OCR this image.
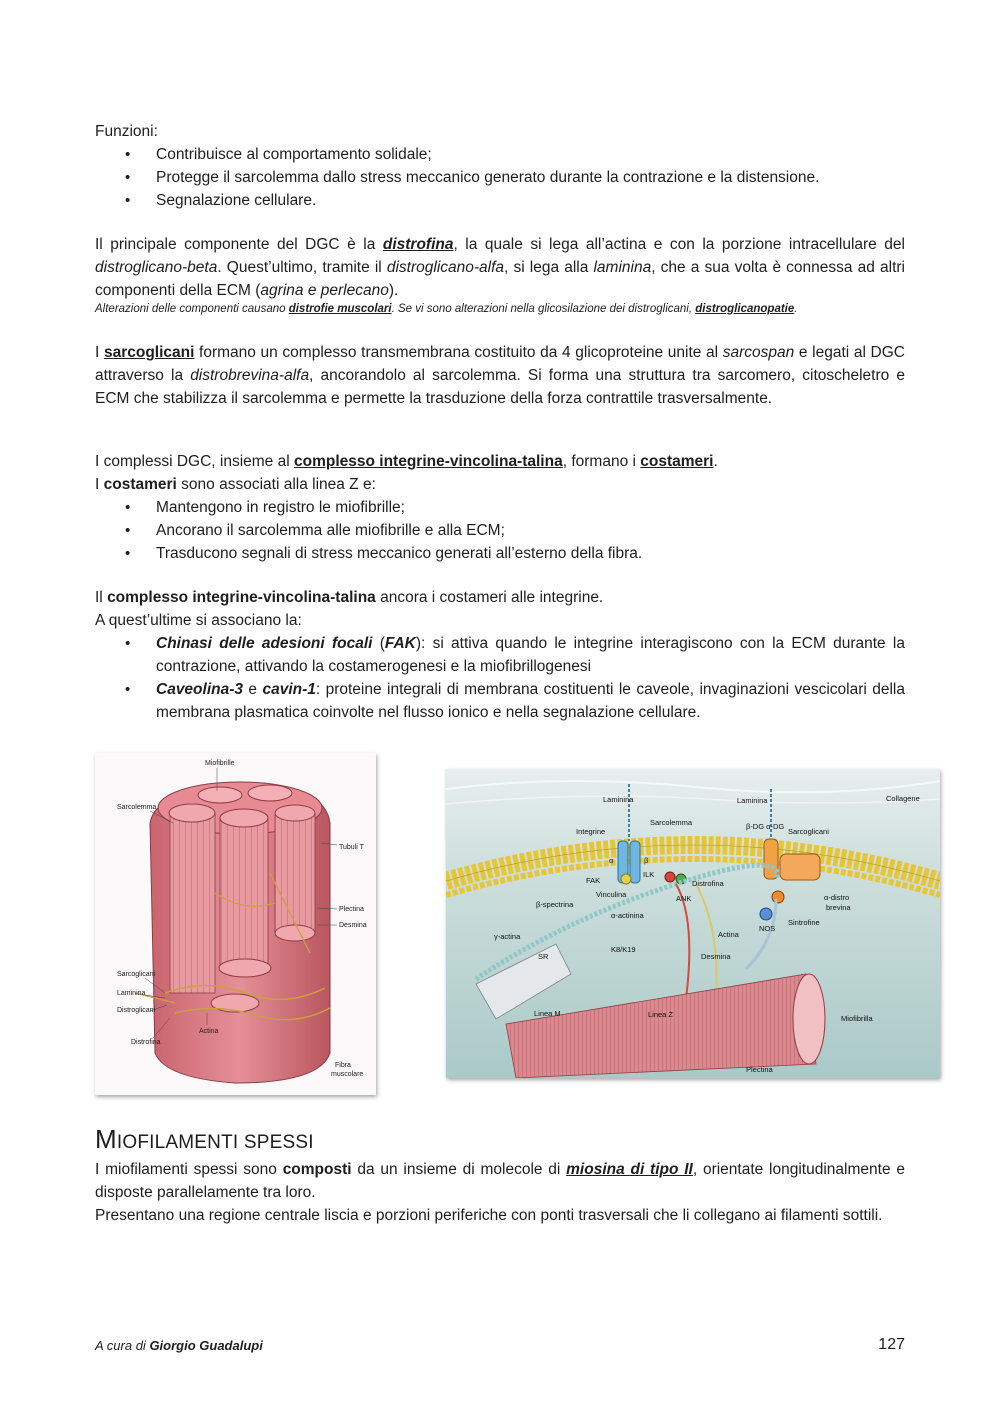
Funzioni:

• Contribuisce al comportamento solidale;
• Protegge il sarcolemma dallo stress meccanico generato durante la contrazione e la distensione.
• Segnalazione cellulare.

Il principale componente del DGC è la distrofina, la quale si lega all’actina e con la porzione intracellulare del distroglicano-beta. Quest’ultimo, tramite il distroglicano-alfa, si lega alla laminina, che a sua volta è connessa ad altri componenti della ECM (agrina e perlecano).

Alterazioni delle componenti causano distrofie muscolari. Se vi sono alterazioni nella glicosilazione dei distroglicani, distroglicanopatie.

I sarcoglicani formano un complesso transmembrana costituito da 4 glicoproteine unite al sarcospan e legati al DGC attraverso la distrobrevina-alfa, ancorandolo al sarcolemma. Si forma una struttura tra sarcomero, citoscheletro e ECM che stabilizza il sarcolemma e permette la trasduzione della forza contrattile trasversalmente.

I complessi DGC, insieme al complesso integrine-vincolina-talina, formano i costameri.

I costameri sono associati alla linea Z e:

• Mantengono in registro le miofibrille;
• Ancorano il sarcolemma alle miofibrille e alla ECM;
• Trasducono segnali di stress meccanico generati all’esterno della fibra.

Il complesso integrine-vincolina-talina ancora i costameri alle integrine.

A quest’ultime si associano la:

• Chinasi delle adesioni focali (FAK): si attiva quando le integrine interagiscono con la ECM durante la contrazione, attivando la costamerogenesi e la miofibrillogenesi
• Caveolina-3 e cavin-1: proteine integrali di membrana costituenti le caveole, invaginazioni vescicolari della membrana plasmatica coinvolte nel flusso ionico e nella segnalazione cellulare.
Miofibrille
Sarcolemma
Tubuli T
Plectina
Desmina
Sarcoglicani
Laminina
Distroglicani
Actina
Distrofina
Fibra
muscolare
Laminina	Laminina	Collagene
Sarcolemma
Integrine	Sarcoglicani
α	β
β-DG α-DG
FAK
ILK
Vinculina
β-spectrina
Distrofina
ANK
α-actinina
γ-actina
α-distro
brevina
Sintrofine
NOS
Actina
SR
K8/K19
Desmina
Linea M	Linea Z	Miofibrilla
Plectina
MIOFILAMENTI SPESSI

I miofilamenti spessi sono composti da un insieme di molecole di miosina di tipo II, orientate longitudinalmente e disposte parallelamente tra loro.

Presentano una regione centrale liscia e porzioni periferiche con ponti trasversali che li collegano ai filamenti sottili.

A cura di Giorgio Guadalupi	127
